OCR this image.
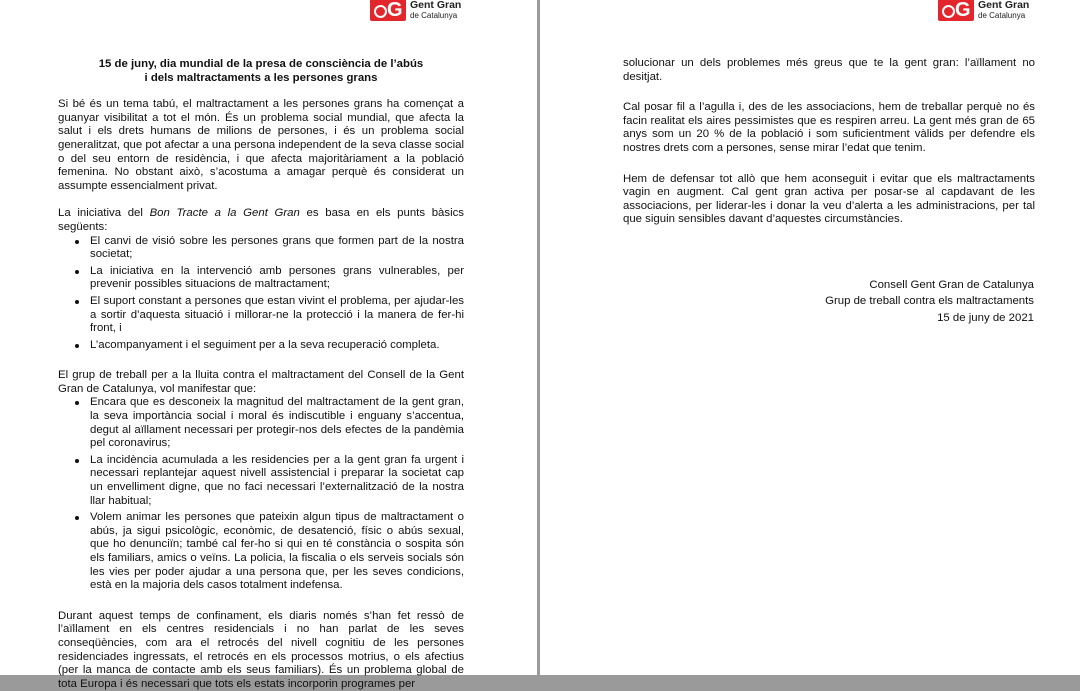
G Gent Gran
de Catalunya
15 de juny, dia mundial de la presa de consciència de l’abús
i dels maltractaments a les persones grans

Si bé és un tema tabú, el maltractament a les persones grans ha començat a guanyar visibilitat a tot el món. És un problema social mundial, que afecta la salut i els drets humans de milions de persones, i és un problema social generalitzat, que pot afectar a una persona independent de la seva classe social o del seu entorn de residència, i que afecta majoritàriament a la població femenina. No obstant això, s’acostuma a amagar perquè és considerat un assumpte essencialment privat.

La iniciativa del Bon Tracte a la Gent Gran es basa en els punts bàsics següents:

El canvi de visió sobre les persones grans que formen part de la nostra societat;
La iniciativa en la intervenció amb persones grans vulnerables, per prevenir possibles situacions de maltractament;
El suport constant a persones que estan vivint el problema, per ajudar-les a sortir d’aquesta situació i millorar-ne la protecció i la manera de fer-hi front, i
L’acompanyament i el seguiment per a la seva recuperació completa.

El grup de treball per a la lluita contra el maltractament del Consell de la Gent Gran de Catalunya, vol manifestar que:

Encara que es desconeix la magnitud del maltractament de la gent gran, la seva importància social i moral és indiscutible i enguany s’accentua, degut al aïllament necessari per protegir-nos dels efectes de la pandèmia pel coronavirus;
La incidència acumulada a les residencies per a la gent gran fa urgent i necessari replantejar aquest nivell assistencial i preparar la societat cap un envelliment digne, que no faci necessari l’externalització de la nostra llar habitual;
Volem animar les persones que pateixin algun tipus de maltractament o abús, ja sigui psicològic, econòmic, de desatenció, físic o abús sexual, que ho denunciïn; també cal fer-ho si qui en té constància o sospita són els familiars, amics o veïns. La policia, la fiscalia o els serveis socials són les vies per poder ajudar a una persona que, per les seves condicions, està en la majoria dels casos totalment indefensa.

Durant aquest temps de confinament, els diaris només s’han fet ressò de l’aïllament en els centres residencials i no han parlat de les seves conseqüències, com ara el retrocés del nivell cognitiu de les persones residenciades ingressats, el retrocés en els processos motrius, o els afectius (per la manca de contacte amb els seus familiars). És un problema global de tota Europa i és necessari que tots els estats incorporin programes per

G Gent Gran
de Catalunya

solucionar un dels problemes més greus que te la gent gran: l’aïllament no desitjat.

Cal posar fil a l’agulla i, des de les associacions, hem de treballar perquè no és facin realitat els aires pessimistes que es respiren arreu. La gent més gran de 65 anys som un 20 % de la població i som suficientment vàlids per defendre els nostres drets com a persones, sense mirar l’edat que tenim.

Hem de defensar tot allò que hem aconseguit i evitar que els maltractaments vagin en augment. Cal gent gran activa per posar-se al capdavant de les associacions, per liderar-les i donar la veu d’alerta a les administracions, per tal que siguin sensibles davant d’aquestes circumstàncies.

Consell Gent Gran de Catalunya
Grup de treball contra els maltractaments
15 de juny de 2021
